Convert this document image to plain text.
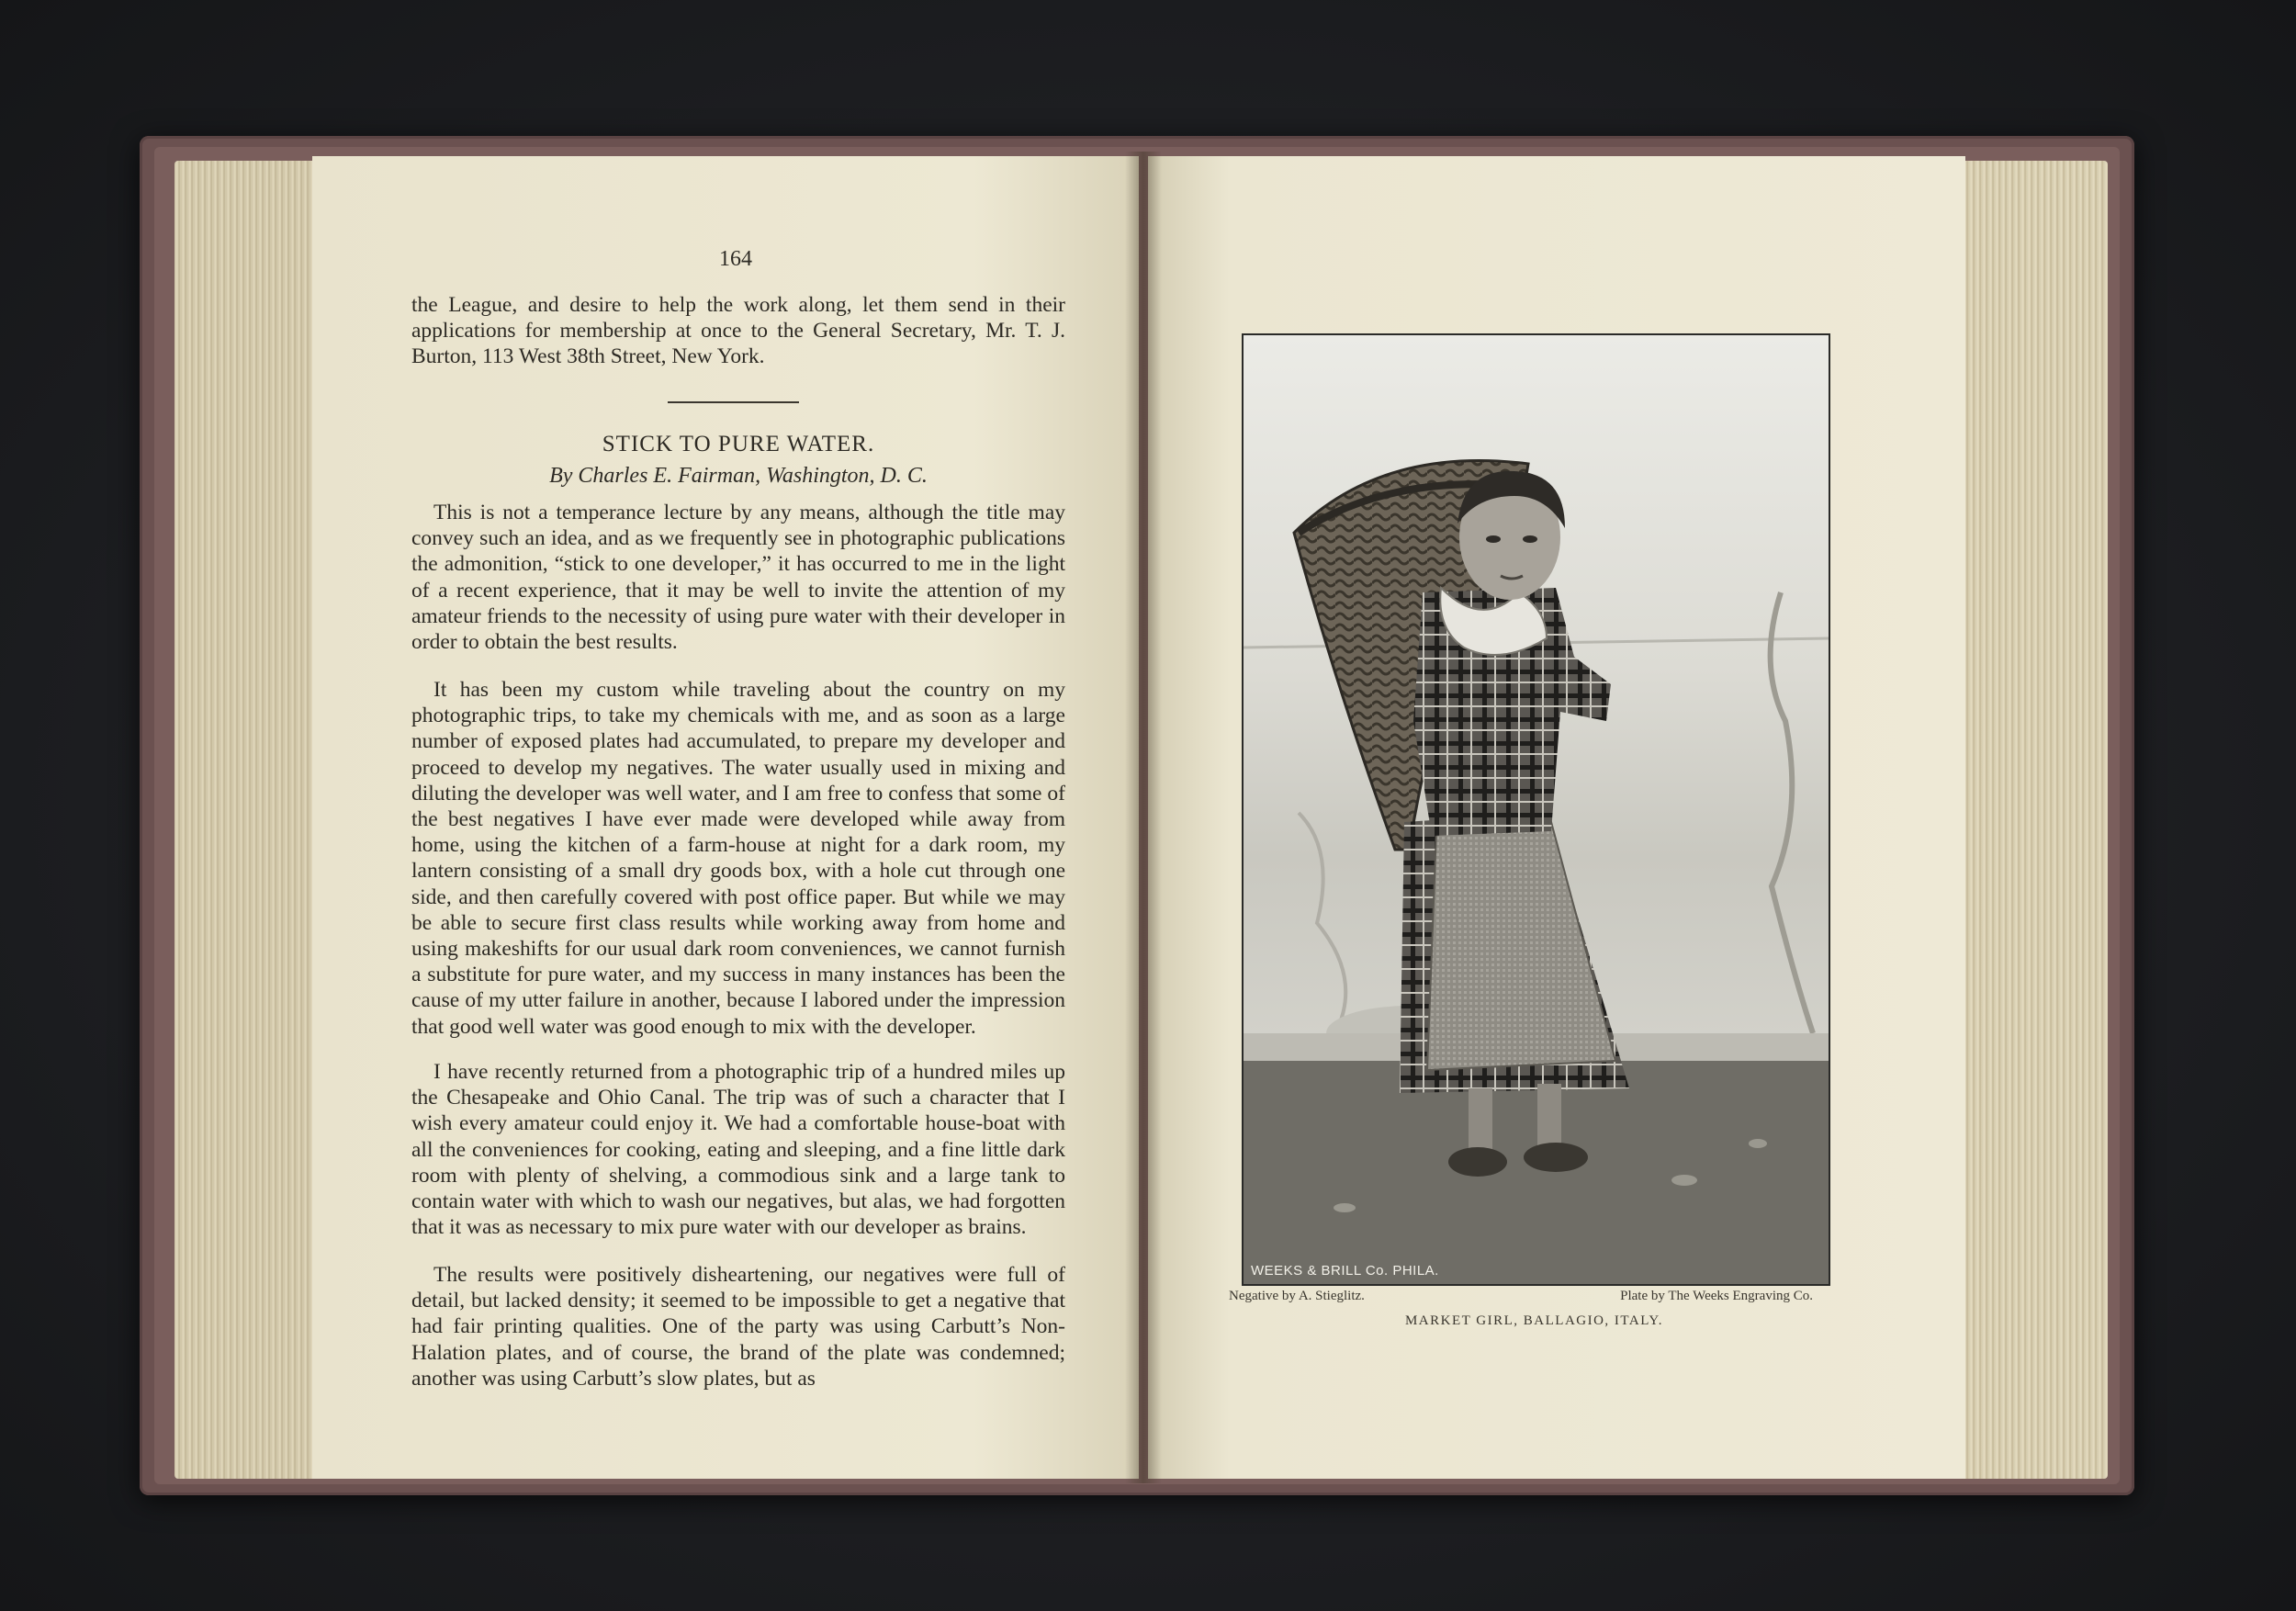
164

the League, and desire to help the work along, let them send in their applications for membership at once to the General Secretary, Mr. T. J. Burton, 113 West 38th Street, New York.

STICK TO PURE WATER.
By Charles E. Fairman, Washington, D. C.

This is not a temperance lecture by any means, although the title may convey such an idea, and as we frequently see in photographic publications the admonition, “stick to one developer,” it has occurred to me in the light of a recent experience, that it may be well to invite the attention of my amateur friends to the necessity of using pure water with their developer in order to obtain the best results.

It has been my custom while traveling about the country on my photographic trips, to take my chemicals with me, and as soon as a large number of exposed plates had accumulated, to prepare my developer and proceed to develop my negatives. The water usually used in mixing and diluting the developer was well water, and I am free to confess that some of the best negatives I have ever made were developed while away from home, using the kitchen of a farm-house at night for a dark room, my lantern consisting of a small dry goods box, with a hole cut through one side, and then carefully covered with post office paper. But while we may be able to secure first class results while working away from home and using makeshifts for our usual dark room conveniences, we cannot furnish a substitute for pure water, and my success in many instances has been the cause of my utter failure in another, because I labored under the impression that good well water was good enough to mix with the developer.

I have recently returned from a photographic trip of a hundred miles up the Chesapeake and Ohio Canal. The trip was of such a character that I wish every amateur could enjoy it. We had a comfortable house-boat with all the conveniences for cooking, eating and sleeping, and a fine little dark room with plenty of shelving, a commodious sink and a large tank to contain water with which to wash our negatives, but alas, we had forgotten that it was as necessary to mix pure water with our developer as brains.

The results were positively disheartening, our negatives were full of detail, but lacked density; it seemed to be impossible to get a negative that had fair printing qualities. One of the party was using Carbutt’s Non-Halation plates, and of course, the brand of the plate was condemned; another was using Carbutt’s slow plates, but as

WEEKS & BRILL Co. PHILA.
Negative by A. Stieglitz.	Plate by The Weeks Engraving Co.
MARKET GIRL, BALLAGIO, ITALY.
